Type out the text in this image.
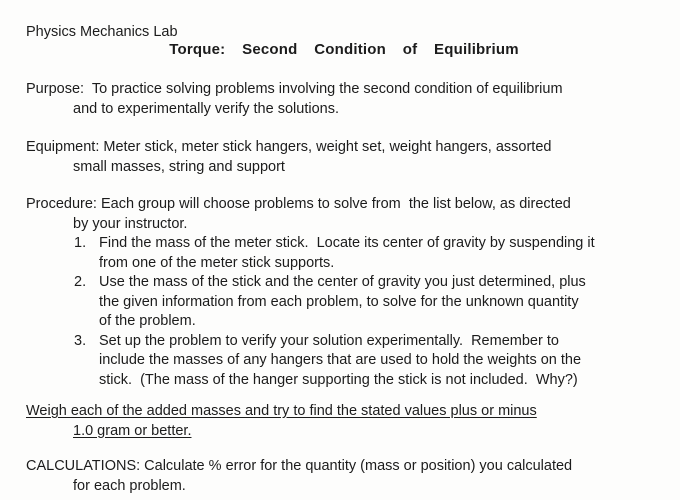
Physics Mechanics Lab
Torque:  Second  Condition  of  Equilibrium
Purpose:  To practice solving problems involving the second condition of equilibrium
and to experimentally verify the solutions.
Equipment: Meter stick, meter stick hangers, weight set, weight hangers, assorted
small masses, string and support
Procedure: Each group will choose problems to solve from  the list below, as directed
by your instructor.
1. Find the mass of the meter stick.  Locate its center of gravity by suspending it
from one of the meter stick supports.
2. Use the mass of the stick and the center of gravity you just determined, plus
the given information from each problem, to solve for the unknown quantity
of the problem.
3. Set up the problem to verify your solution experimentally.  Remember to
include the masses of any hangers that are used to hold the weights on the
stick.  (The mass of the hanger supporting the stick is not included.  Why?)
Weigh each of the added masses and try to find the stated values plus or minus
1.0 gram or better.
CALCULATIONS: Calculate % error for the quantity (mass or position) you calculated
for each problem.
